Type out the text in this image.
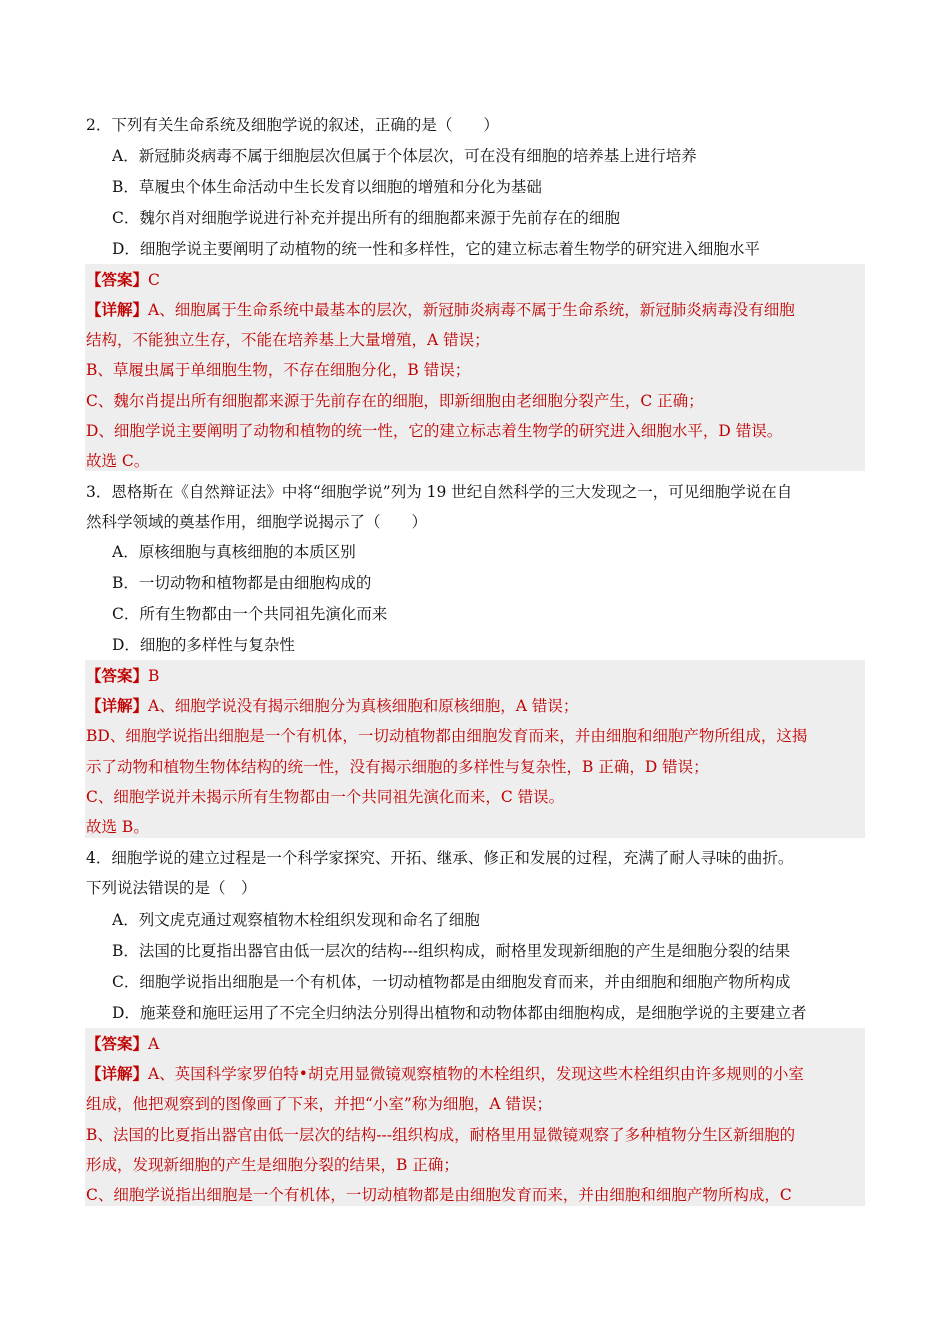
2．下列有关生命系统及细胞学说的叙述，正确的是（　　）
A．新冠肺炎病毒不属于细胞层次但属于个体层次，可在没有细胞的培养基上进行培养
B．草履虫个体生命活动中生长发育以细胞的增殖和分化为基础
C．魏尔肖对细胞学说进行补充并提出所有的细胞都来源于先前存在的细胞
D．细胞学说主要阐明了动植物的统一性和多样性，它的建立标志着生物学的研究进入细胞水平
【答案】C
【详解】A、细胞属于生命系统中最基本的层次，新冠肺炎病毒不属于生命系统，新冠肺炎病毒没有细胞
结构，不能独立生存，不能在培养基上大量增殖，A 错误；
B、草履虫属于单细胞生物，不存在细胞分化，B 错误；
C、魏尔肖提出所有细胞都来源于先前存在的细胞，即新细胞由老细胞分裂产生，C 正确；
D、细胞学说主要阐明了动物和植物的统一性，它的建立标志着生物学的研究进入细胞水平，D 错误。
故选 C。
3．恩格斯在《自然辩证法》中将“细胞学说”列为 19 世纪自然科学的三大发现之一，可见细胞学说在自
然科学领域的奠基作用，细胞学说揭示了（　　）
A．原核细胞与真核细胞的本质区别
B．一切动物和植物都是由细胞构成的
C．所有生物都由一个共同祖先演化而来
D．细胞的多样性与复杂性
【答案】B
【详解】A、细胞学说没有揭示细胞分为真核细胞和原核细胞，A 错误；
BD、细胞学说指出细胞是一个有机体，一切动植物都由细胞发育而来，并由细胞和细胞产物所组成，这揭
示了动物和植物生物体结构的统一性，没有揭示细胞的多样性与复杂性，B 正确，D 错误；
C、细胞学说并未揭示所有生物都由一个共同祖先演化而来，C 错误。
故选 B。
4．细胞学说的建立过程是一个科学家探究、开拓、继承、修正和发展的过程，充满了耐人寻味的曲折。
下列说法错误的是（　）
A．列文虎克通过观察植物木栓组织发现和命名了细胞
B．法国的比夏指出器官由低一层次的结构---组织构成，耐格里发现新细胞的产生是细胞分裂的结果
C．细胞学说指出细胞是一个有机体，一切动植物都是由细胞发育而来，并由细胞和细胞产物所构成
D．施莱登和施旺运用了不完全归纳法分别得出植物和动物体都由细胞构成，是细胞学说的主要建立者
【答案】A
【详解】A、英国科学家罗伯特•胡克用显微镜观察植物的木栓组织，发现这些木栓组织由许多规则的小室
组成，他把观察到的图像画了下来，并把“小室”称为细胞，A 错误；
B、法国的比夏指出器官由低一层次的结构---组织构成，耐格里用显微镜观察了多种植物分生区新细胞的
形成，发现新细胞的产生是细胞分裂的结果，B 正确；
C、细胞学说指出细胞是一个有机体，一切动植物都是由细胞发育而来，并由细胞和细胞产物所构成，C
